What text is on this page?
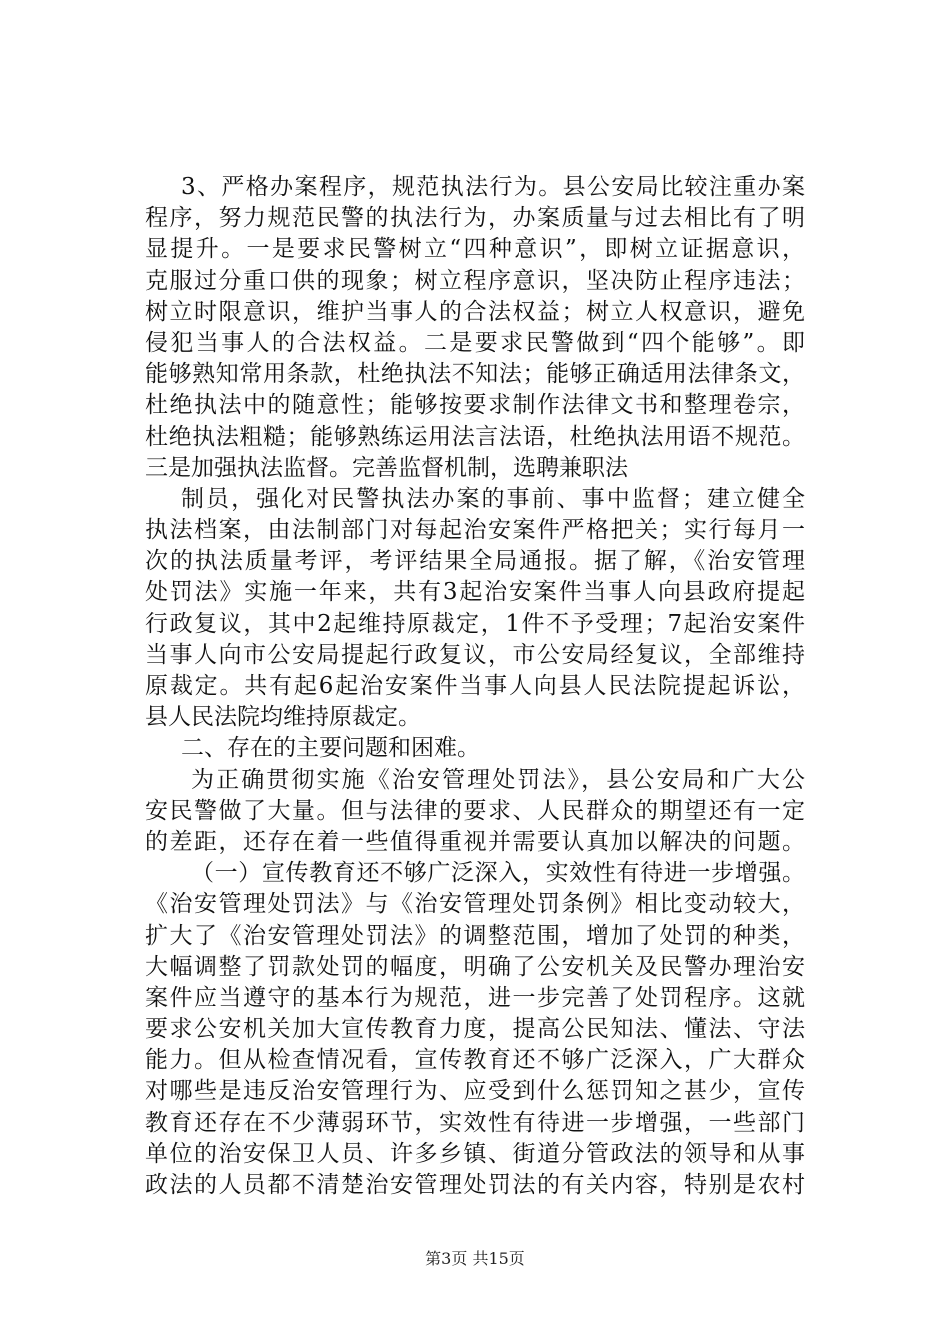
3、严格办案程序，规范执法行为。县公安局比较注重办案
程序，努力规范民警的执法行为，办案质量与过去相比有了明
显提升。一是要求民警树立“四种意识”，即树立证据意识，
克服过分重口供的现象；树立程序意识，坚决防止程序违法；
树立时限意识，维护当事人的合法权益；树立人权意识，避免
侵犯当事人的合法权益。二是要求民警做到“四个能够”。即
能够熟知常用条款，杜绝执法不知法；能够正确适用法律条文，
杜绝执法中的随意性；能够按要求制作法律文书和整理卷宗，
杜绝执法粗糙；能够熟练运用法言法语，杜绝执法用语不规范。
三是加强执法监督。完善监督机制，选聘兼职法
制员，强化对民警执法办案的事前、事中监督；建立健全
执法档案，由法制部门对每起治安案件严格把关；实行每月一
次的执法质量考评，考评结果全局通报。据了解，《治安管理
处罚法》实施一年来，共有3起治安案件当事人向县政府提起
行政复议，其中2起维持原裁定，1件不予受理；7起治安案件
当事人向市公安局提起行政复议，市公安局经复议，全部维持
原裁定。共有起6起治安案件当事人向县人民法院提起诉讼，
县人民法院均维持原裁定。
二、存在的主要问题和困难。
为正确贯彻实施《治安管理处罚法》，县公安局和广大公
安民警做了大量。但与法律的要求、人民群众的期望还有一定
的差距，还存在着一些值得重视并需要认真加以解决的问题。
（一）宣传教育还不够广泛深入，实效性有待进一步增强。
《治安管理处罚法》与《治安管理处罚条例》相比变动较大，
扩大了《治安管理处罚法》的调整范围，增加了处罚的种类，
大幅调整了罚款处罚的幅度，明确了公安机关及民警办理治安
案件应当遵守的基本行为规范，进一步完善了处罚程序。这就
要求公安机关加大宣传教育力度，提高公民知法、懂法、守法
能力。但从检查情况看，宣传教育还不够广泛深入，广大群众
对哪些是违反治安管理行为、应受到什么惩罚知之甚少，宣传
教育还存在不少薄弱环节，实效性有待进一步增强，一些部门
单位的治安保卫人员、许多乡镇、街道分管政法的领导和从事
政法的人员都不清楚治安管理处罚法的有关内容，特别是农村
第3页 共15页
